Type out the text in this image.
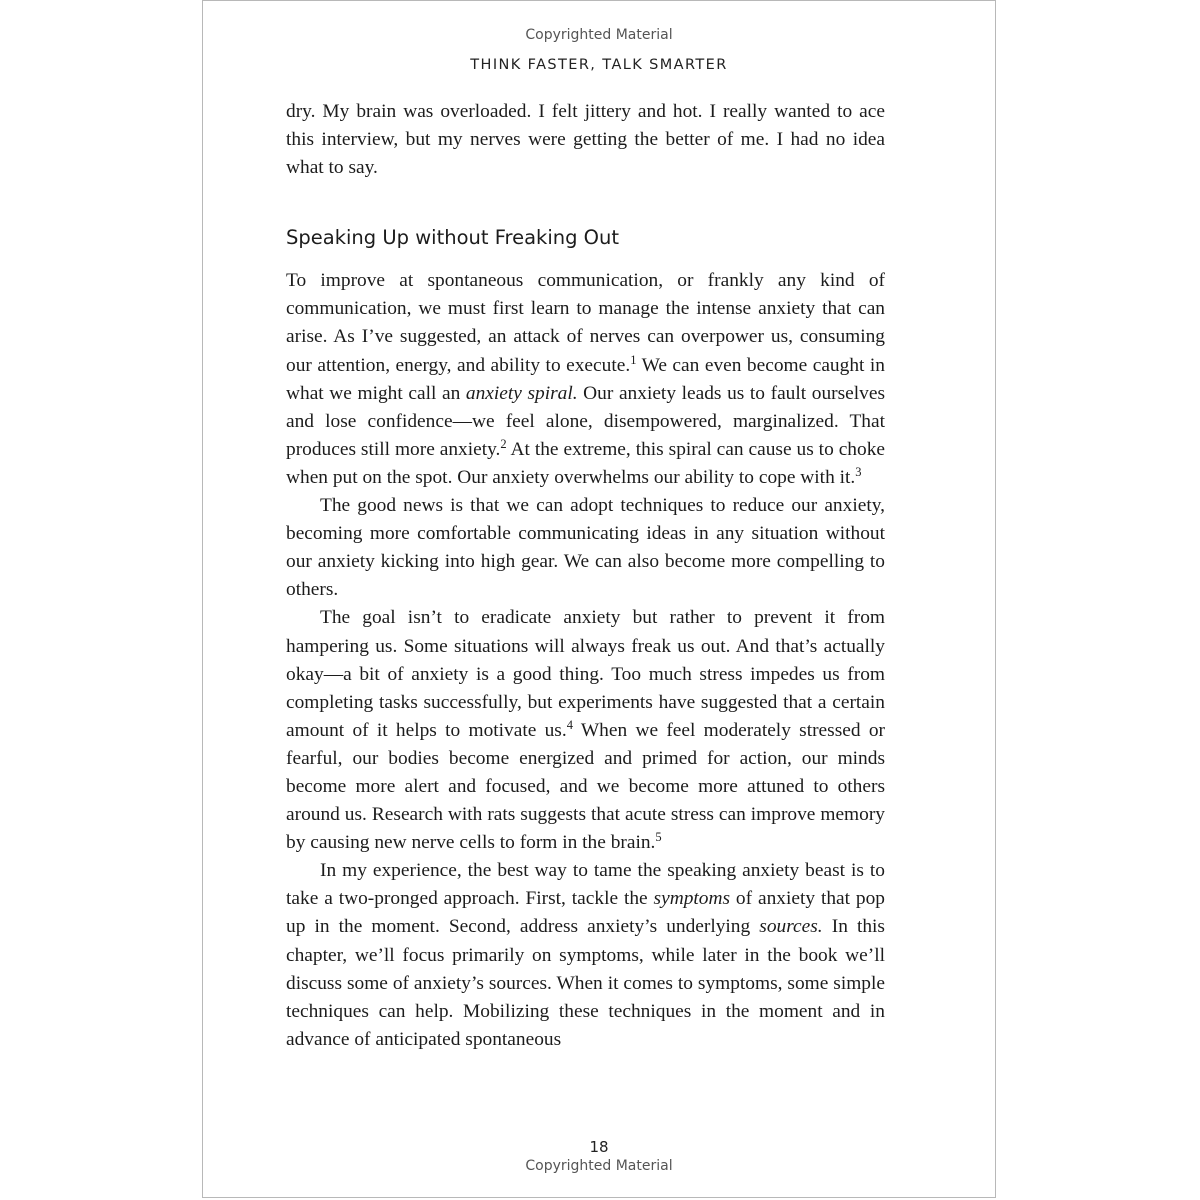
Copyrighted Material
THINK FASTER, TALK SMARTER

dry. My brain was overloaded. I felt jittery and hot. I really wanted to ace this interview, but my nerves were getting the better of me. I had no idea what to say.

Speaking Up without Freaking Out

To improve at spontaneous communication, or frankly any kind of communication, we must first learn to manage the intense anxiety that can arise. As I’ve suggested, an attack of nerves can overpower us, consuming our attention, energy, and ability to execute.$^1$ We can even become caught in what we might call an anxiety spiral. Our anxiety leads us to fault ourselves and lose confidence—we feel alone, disempowered, marginalized. That produces still more anxiety.$^2$ At the extreme, this spiral can cause us to choke when put on the spot. Our anxiety overwhelms our ability to cope with it.$^3$

The good news is that we can adopt techniques to reduce our anxiety, becoming more comfortable communicating ideas in any situation without our anxiety kicking into high gear. We can also become more compelling to others.

The goal isn’t to eradicate anxiety but rather to prevent it from hampering us. Some situations will always freak us out. And that’s actually okay—a bit of anxiety is a good thing. Too much stress impedes us from completing tasks successfully, but experiments have suggested that a certain amount of it helps to motivate us.$^4$ When we feel moderately stressed or fearful, our bodies become energized and primed for action, our minds become more alert and focused, and we become more attuned to others around us. Research with rats suggests that acute stress can improve memory by causing new nerve cells to form in the brain.$^5$

In my experience, the best way to tame the speaking anxiety beast is to take a two-pronged approach. First, tackle the symptoms of anxiety that pop up in the moment. Second, address anxiety’s underlying sources. In this chapter, we’ll focus primarily on symptoms, while later in the book we’ll discuss some of anxiety’s sources. When it comes to symptoms, some simple techniques can help. Mobilizing these techniques in the moment and in advance of anticipated spontaneous

18
Copyrighted Material
